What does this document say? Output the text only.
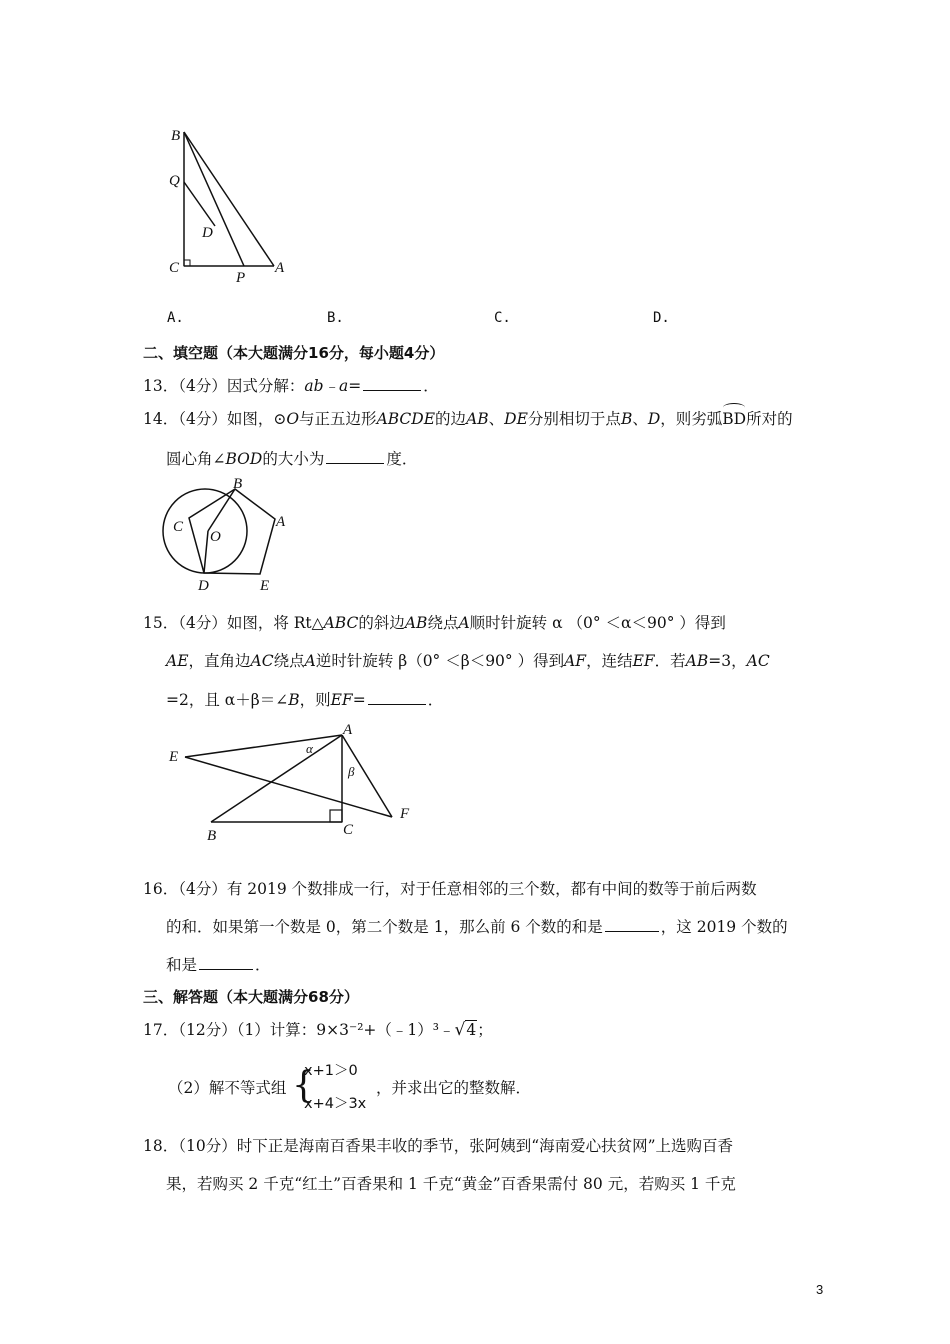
B
Q
D
C
P
A
A.	B.	C.	D.
二、填空题（本大题满分16分，每小题4分）
13．（4分）因式分解：ab﹣a=	．
14．（4分）如图，⊙O与正五边形ABCDE的边AB、DE分别相切于点B、D，则劣弧BD所对的
圆心角∠BOD的大小为	度．
B
A
C
O
D	E
15．（4分）如图，将 Rt△ABC的斜边AB绕点A顺时针旋转 α （0° ＜α＜90° ）得到
AE，直角边AC绕点A逆时针旋转 β（0° ＜β＜90° ）得到AF，连结EF．若AB=3，AC
=2，且 α＋β＝∠B，则EF=	．
E
A
α
β
F
B	C
16．（4分）有 2019 个数排成一行，对于任意相邻的三个数，都有中间的数等于前后两数
的和．如果第一个数是 0，第二个数是 1，那么前 6 个数的和是	，这 2019 个数的
和是	．
三、解答题（本大题满分68分）
17．（12分）（1）计算：9×3⁻²+（﹣1）³﹣√4；
（2）解不等式组 {
x+1＞0
x+4＞3x
，并求出它的整数解．
18．（10分）时下正是海南百香果丰收的季节，张阿姨到“海南爱心扶贫网”上选购百香
果，若购买 2 千克“红土”百香果和 1 千克“黄金”百香果需付 80 元，若购买 1 千克
3
